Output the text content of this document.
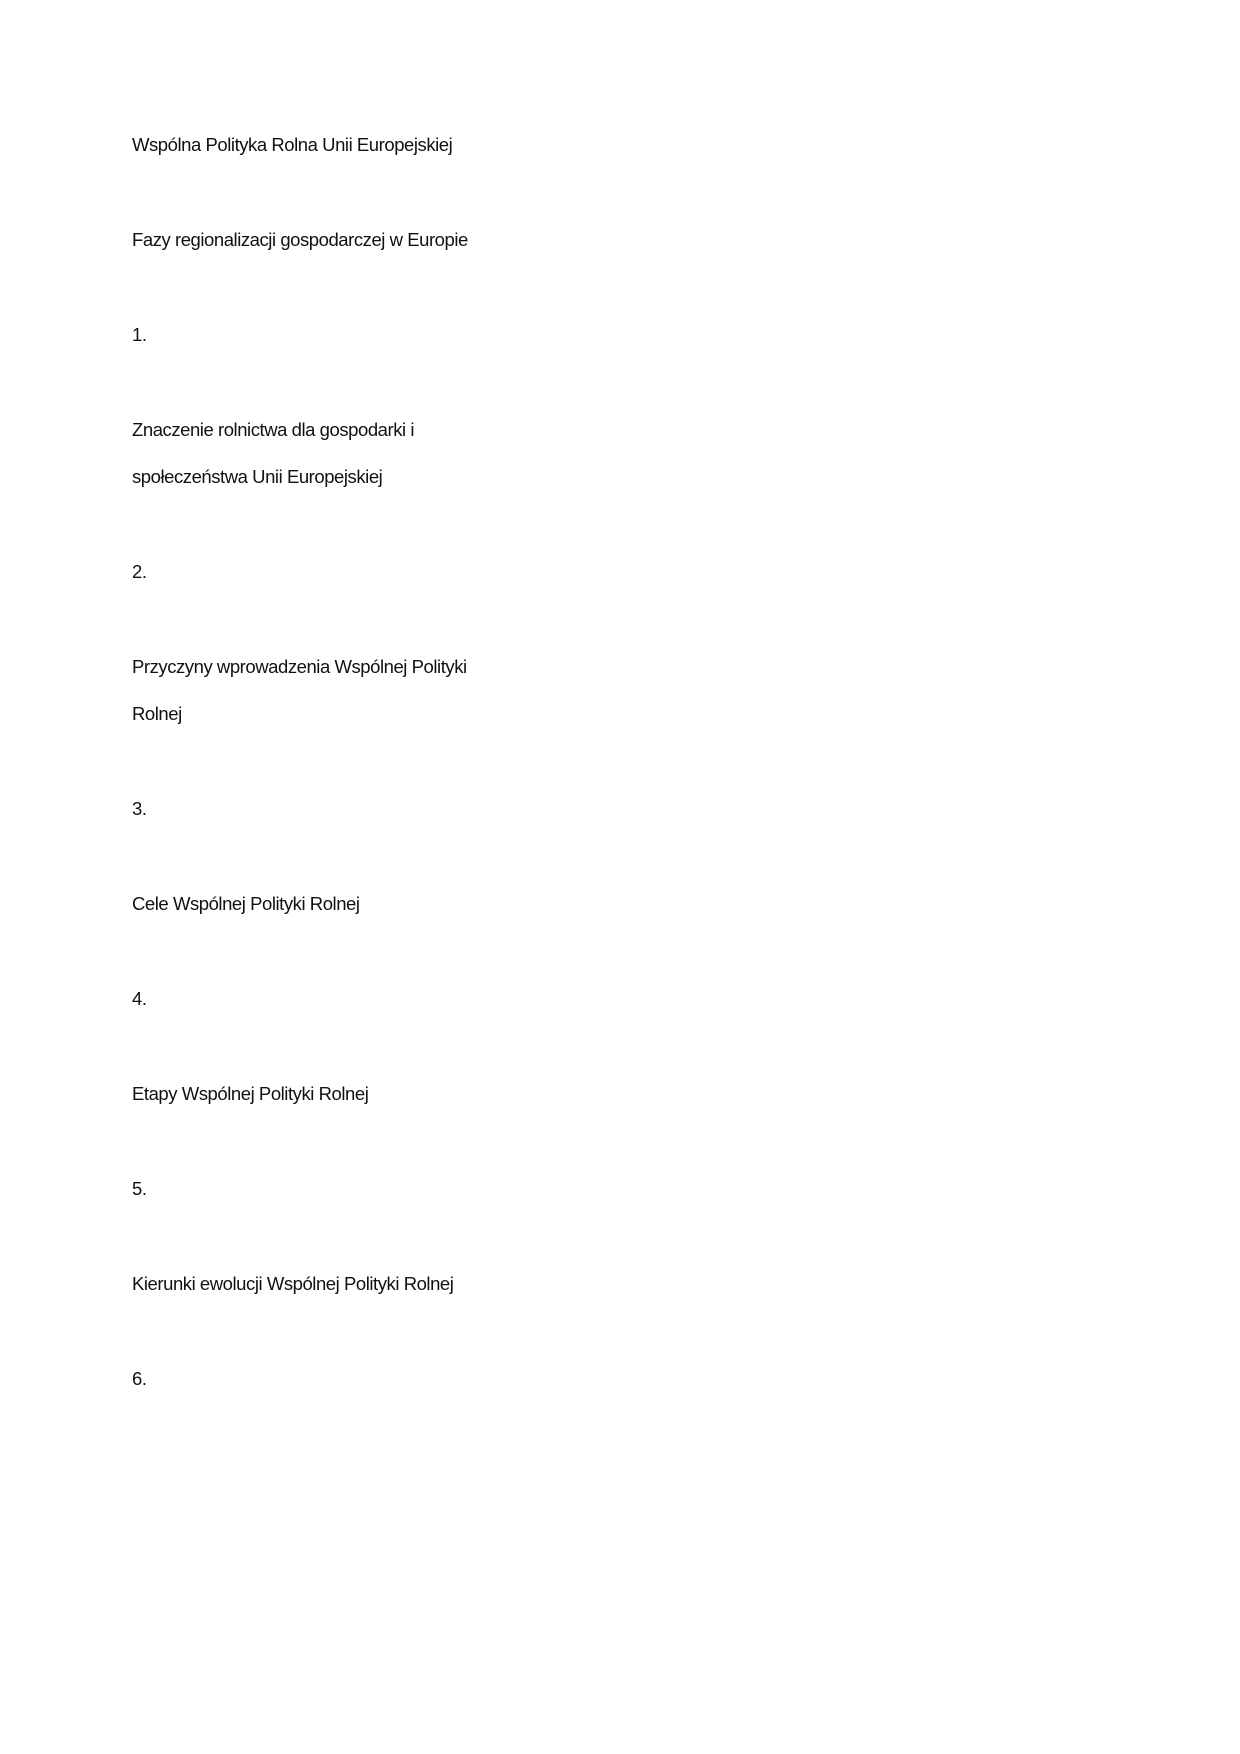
Wspólna Polityka Rolna Unii Europejskiej

Fazy regionalizacji gospodarczej w Europie

1.

Znaczenie rolnictwa dla gospodarki i

społeczeństwa Unii Europejskiej

2.

Przyczyny wprowadzenia Wspólnej Polityki

Rolnej

3.

Cele Wspólnej Polityki Rolnej

4.

Etapy Wspólnej Polityki Rolnej

5.

Kierunki ewolucji Wspólnej Polityki Rolnej

6.
